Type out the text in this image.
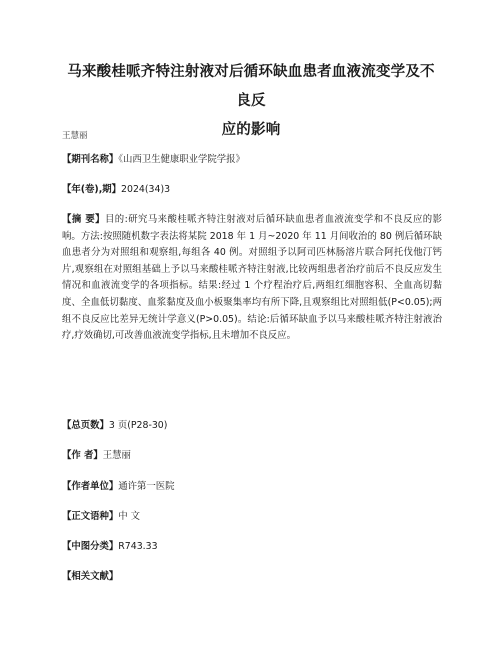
马来酸桂哌齐特注射液对后循环缺血患者血液流变学及不良反
应的影响
王慧丽
【期刊名称】《山西卫生健康职业学院学报》
【年(卷),期】2024(34)3
【摘 要】目的:研究马来酸桂哌齐特注射液对后循环缺血患者血液流变学和不良反应的影响。方法:按照随机数字表法将某院 2018 年 1 月~2020 年 11 月间收治的 80 例后循环缺血患者分为对照组和观察组,每组各 40 例。对照组予以阿司匹林肠溶片联合阿托伐他汀钙片,观察组在对照组基础上予以马来酸桂哌齐特注射液,比较两组患者治疗前后不良反应发生情况和血液流变学的各项指标。结果:经过 1 个疗程治疗后,两组红细胞容积、全血高切黏度、全血低切黏度、血浆黏度及血小板聚集率均有所下降,且观察组比对照组低(P<0.05);两组不良反应比差异无统计学意义(P>0.05)。结论:后循环缺血予以马来酸桂哌齐特注射液治疗,疗效确切,可改善血液流变学指标,且未增加不良反应。
【总页数】3 页(P28-30)
【作 者】王慧丽
【作者单位】通许第一医院
【正文语种】中 文
【中图分类】R743.33
【相关文献】
